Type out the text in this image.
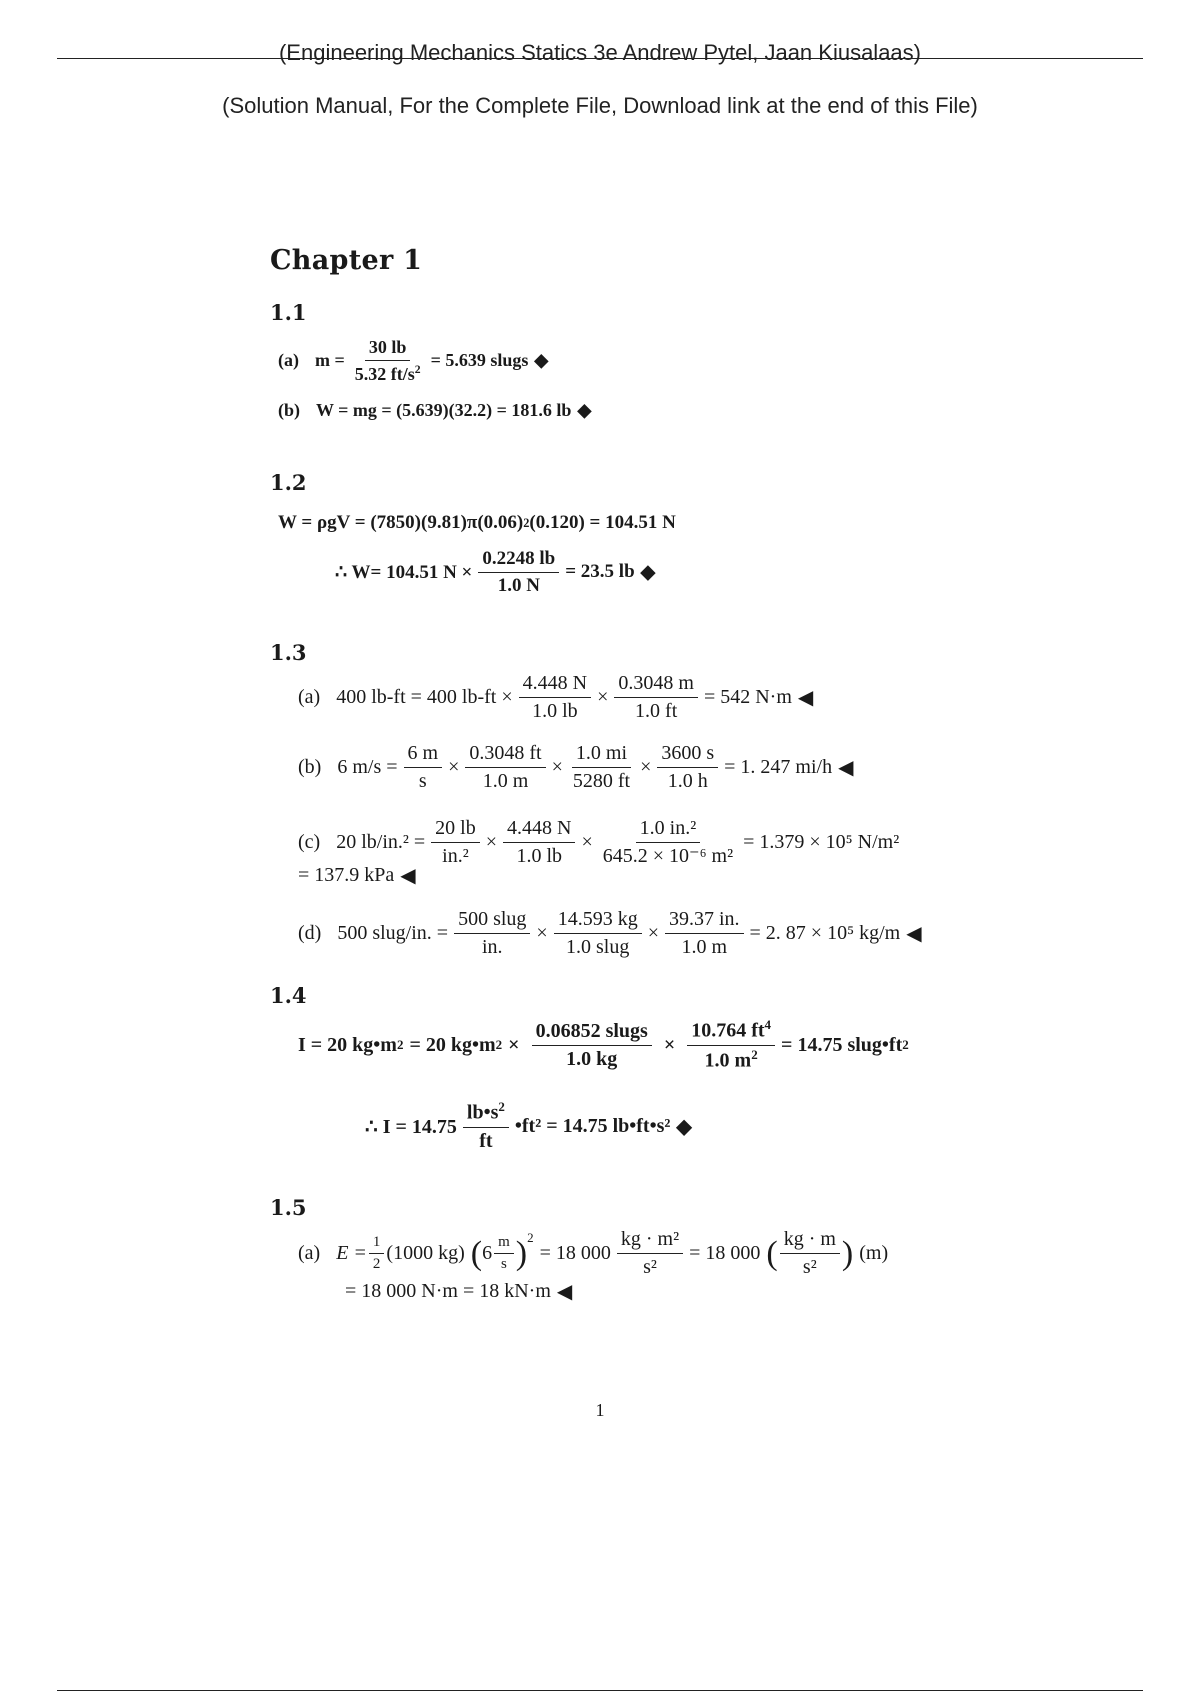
(Engineering Mechanics Statics 3e Andrew Pytel, Jaan Kiusalaas)
(Solution Manual, For the Complete File, Download link at the end of this File)
Chapter 1
1.1
(a) $m = \frac{30 lb}{5.32 ft/s^2} = 5.639$ slugs ◆
(b) W = mg = (5.639)(32.2) = 181.6 lb ◆
1.2
W = ρgV = (7850)(9.81)π(0.06) 2 (0.120) = 104.51 N
∴ W= 104.51 $N \times \frac{0.2248 lb}{1.0 N} = 23.5$ lb ◆
1.3
(a) 400 lb-ft = 400 $lb-ft \times \frac{4.448 N}{1.0 lb} \times \frac{0.3048 m}{1.0 ft} = 542$ N·m ◀
(b) 6 $m/s = \frac{6 m}{s} \times \frac{0.3048 ft}{1.0 m} \times \frac{1.0 mi}{5280 ft} \times \frac{3600 s}{1.0 h} = 1$. 247 mi/h ◀
(c) 20 $lb/in.^2 = \frac{20 lb}{\text{in.²}} \times \frac{4.448 N}{1.0 lb} \times \frac{\text{1.0 in.²}}{\text{645.2 × 10⁻⁶ m²}} = 1.379 \times 10^5$ N/m²
= 137.9 kPa ◀
(d) 500 slug/in. = $\frac{\text{500 slug}}{in.} \times \frac{14.593 kg}{\text{1.0 slug}} \times \frac{39.37 in.}{1.0 m} = 2$. 87 × 10⁵ kg/m ◀
1.4
I = 20 kg•m 2 = 20 kg•m $2 \times \frac{\text{0.06852 slugs}}{1.0 kg} \times \frac{10.764 ft^4}{1.0 m^2} = 14.75$ slug•ft 2
∴ $I = 14.75 \frac{lb•s^2}{ft}$ •ft² = 14.75 lb•ft•s² ◆
1.5
(a) $E = \frac{1}{2} (1000$ kg) ( $6 \frac{m}{s} )^2$
= 18 $000 \frac{\text{kg · m²}}{\text{s²}} = 18$ 000 ( $\frac{kg \cdot m}{\text{s²}}$ ) (m)
= 18 000 N·m = 18 kN·m ◀
1
